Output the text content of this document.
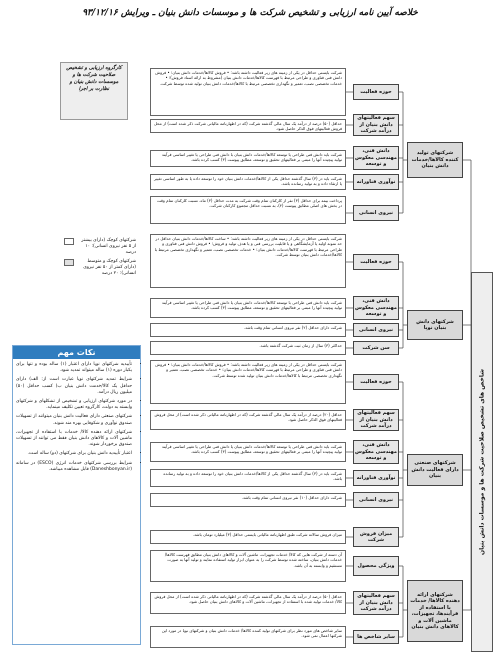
خلاصه آیین نامه ارزیابی و تشخیص شرکت ها و موسسات دانش بنیان ـ ویرایش ۹۳/۱۲/۱۶
کارگروه ارزیابی و تشخیص صلاحیت شرکت ها و موسسات دانش بنیان و نظارت بر اجرا
شرکتهای کوچک (دارای بیشتر از ۵ نفر نیروی انسانی): ۱۰ درصد
شرکتهای کوچک و متوسط (دارای کمتر از ۵۰ نفر نیروی انسانی): ۲۰ درصد
نکات مهم
• تأییدیه شرکتهای نوپا دارای اعتبار (۱) ساله بوده و تنها برای یکبار دوره (۱) ساله میتواند تمدید شود.
• شرایط تمدید شرکتهای نوپا عبارت است از: الف) دارای حداقل یک کالا/خدمت دانش بنیان ب) کسب حداقل (۵۰) میلیون ریال درآمد.
• در مورد شرکتهای ارزیابی و تشخیص از تشکلهای و شرکتهای وابسته به دولت، کارگروه تعیین تکلیف مینماید.
• شرکتهای صنعتی دارای فعالیت دانش بنیان میتوانند از تسهیلات صندوق نوآوری و شکوفایی بهره مند شوند.
• شرکتهای ارائه دهنده کالا/ خدمات با استفاده از تجهیزات، ماشین آلات و کالاهای دانش بنیان فقط می توانند از تسهیلات صندوق برخوردار شوند.
• اعتبار تأییدیه دانش بنیان برای شرکتهای (دو) ساله است.
• شرایط بررسی شرکتهای خدمات انرژی (ESCO) در سامانه (Daneshbonyan.ir) قابل مشاهده میباشد.	شاخص های تشخیص صلاحیت شرکت ها و موسسات دانش بنیان
شرکتهای تولید کننده کالاها/خدمات دانش بنیان
شرکتهای دانش بنیان نوپا
شرکتهای صنعتی دارای فعالیت دانش بنیان
شرکتهای ارائه دهنده کالاها/ خدمات با استفاده از فرآیندها، تجهیزات، ماشین آلات و کالاهای دانش بنیان
حوزه فعالیت
شرکت بایستی حداقل در یکی از زمینه های زیر فعالیت داشته باشد: • فروش کالاها/خدمات دانش بنیان؛ • فروش دانش فنی فناوری و طراحی مرتبط با فهرست کالاها/خدمات دانش بنیان (مشروط به ارائه اسناد فروش)؛ • خدمات تخصصی نصب، تعمیر و نگهداری تخصصی مرتبط با کالاها/خدمات دانش بنیان تولید شده توسط شرکت.
سهم فعالیتهای دانش بنیان از درآمد شرکت
حداقل (۵۰) درصد از درآمد یک سال مالی گذشته شرکت (که در اظهارنامه مالیاتی شرکت ذکر شده است) از محل فروش فعالیتهای فوق الذکر حاصل شود.
دانش فنی، مهندسی معکوس و توسعه
شرکت باید دانش فنی طراحی یا توسعه کالاها/خدمات دانش بنیان با دانش فنی طراحی یا تغییر اساسی فرآیند تولید پیچیده آنها را مبتنی بر فعالیتهای تحقیق و توسعه، مطابق پیوست (۳) کسب کرده باشد.
نوآوری فناورانه
شرکت باید در (۳) سال گذشته حداقل یکی از کالاها/خدمات دانش بنیان خود را توسعه داده یا به طور اساسی تغییر یا ارتقاء داده و به تولید رسانده باشد.
نیروی انسانی
پرداخت بیمه برای حداقل (۳) نفر از کارکنان تمام وقت شرکت به مدت حداقل (۳) ماه. نسبت کارکنان تمام وقت در بخش های اصلی مطابق پیوست (۴)، به نسبت حداقل مجموع کارکنان شرکت.
حوزه فعالیت
شرکت بایستی حداقل در یکی از زمینه های زیر فعالیت داشته باشد: • ساخت کالاها/خدمات دانش بنیان حداقل در حد نمونه اولیه یا آزمایشگاهی و یا قابلیت بررسی فنی و یا هدف تولید و فروش؛ • فروش دانش فنی فناوری و طراحی مرتبط با فهرست کالاها/خدمات دانش بنیان؛ • خدمات تخصصی نصب، تعمیر و نگهداری تخصصی مرتبط با کالاها/خدمات دانش بنیان توسط شرکت.
دانش فنی، مهندسی معکوس و توسعه
شرکت باید دانش فنی طراحی با توسعه کالاها/خدمات دانش بنیان یا دانش فنی طراحی یا تغییر اساسی فرآیند تولید پیچیده آنها را مبتنی بر فعالیتهای تحقیق و توسعه، مطابق پیوست (۳) کسب کرده باشد.
نیروی انسانی
شرکت دارای حداقل (۲) نفر نیروی انسانی تمام وقت باشد.
سن شرکت
حداکثر (۳) سال از زمان ثبت شرکت گذشته باشد.
حوزه فعالیت
شرکت بایستی حداقل در یکی از زمینه های زیر فعالیت داشته باشد: • فروش کالاها/خدمات دانش بنیان؛ • فروش دانش فنی فناوری و طراحی مرتبط با فهرست کالاها/خدمات دانش بنیان؛ • خدمات تخصصی نصب، تعمیر و نگهداری تخصصی مرتبط با کالاها/خدمات دانش بنیان تولید شده توسط شرکت.
سهم فعالیتهای دانش بنیان از درآمد شرکت
حداقل (۲۰) درصد از درآمد یک سال مالی گذشته شرکت (که در اظهارنامه مالیاتی ذکر شده است) از محل فروش فعالیتهای فوق الذکر حاصل شود.
دانش فنی، مهندسی معکوس و توسعه
شرکت باید دانش فنی طراحی یا توسعه کالاها/خدمات دانش بنیان یا دانش فنی طراحی یا تغییر اساسی فرآیند تولید پیچیده آنها را مبتنی بر فعالیتهای تحقیق و توسعه، مطابق پیوست (۳) کسب کرده باشد.
نوآوری فناورانه
شرکت باید در (۳) سال گذشته حداقل یکی از کالاها/خدمات دانش بنیان خود را توسعه داده و به تولید رسانده باشد.
نیروی انسانی
شرکت دارای حداقل (۱۰) نفر نیروی انسانی تمام وقت باشد.
میزان فروش شرکت
میزان فروش سالانه شرکت طبق اظهارنامه مالیاتی بایستی حداقل (۳) میلیارد تومان باشد.
ویژگی محصول
آن دسته از شرکت هایی که کالا/ خدمات تجهیزات، ماشین آلات و کالاهای دانش بنیان مطابق فهرست کالاها/خدمات دانش بنیان، ساخته شده توسط شرکت را به عنوان ابزار تولید استفاده نمایند و تولید آنها به صورت مستقیم و وابسته به آن باشد.
سهم فعالیتهای دانش بنیان از درآمد شرکت
حداقل (۵۰) درصد از درآمد یک سال مالی گذشته شرکت (که در اظهارنامه مالیاتی ذکر شده است) از محل فروش کالا/ خدمات تولید شده با استفاده از تجهیزات، ماشین آلات و کالاهای دانش بنیان حاصل شود.
سایر شاخص ها
سایر شاخص های مورد نظر برای شرکتهای تولید کننده کالاها/ خدمات دانش بنیان و شرکتهای نوپا در مورد این شرکتها اعمال نمی شود.
